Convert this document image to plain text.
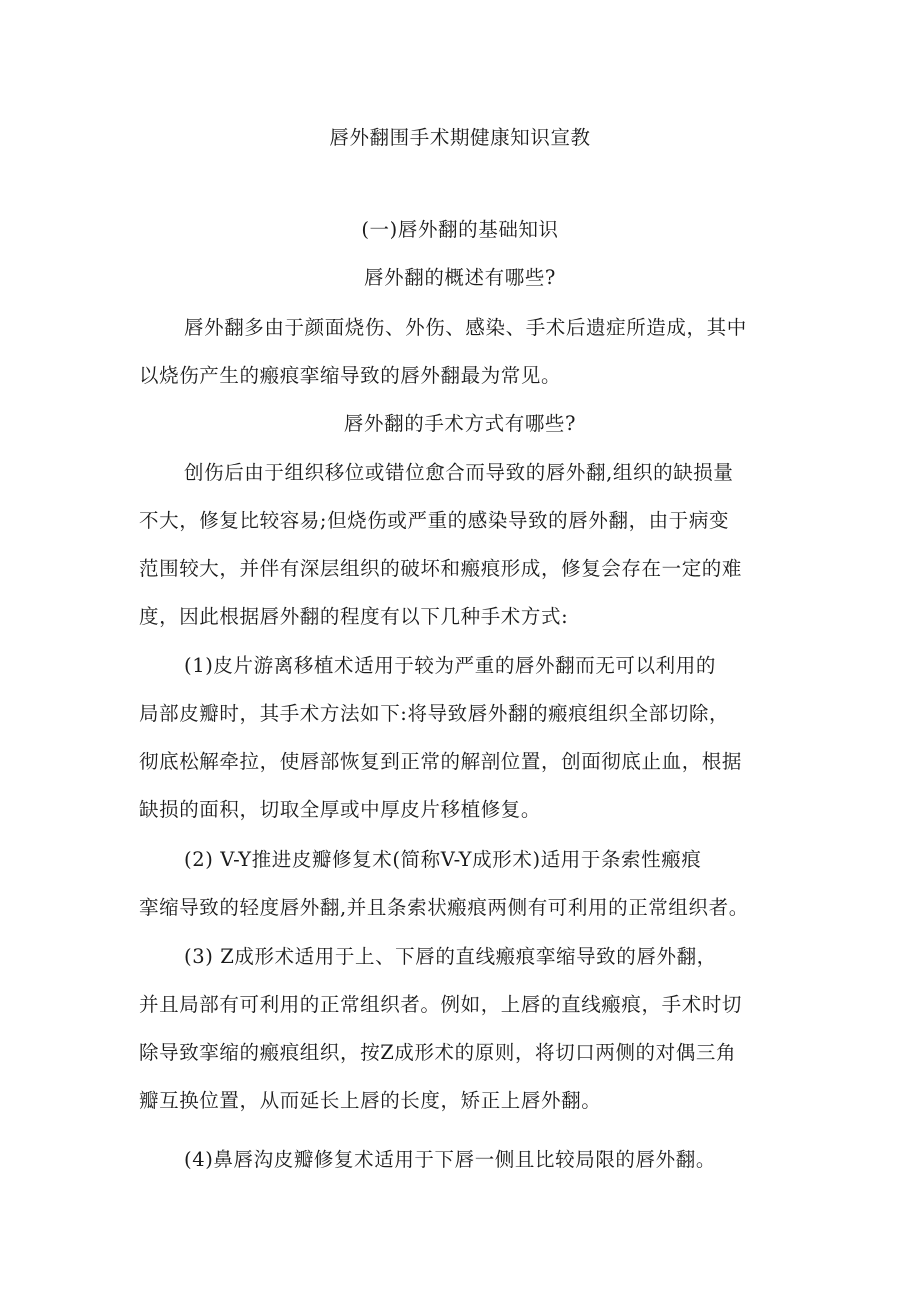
唇外翻围手术期健康知识宣教
(一)唇外翻的基础知识
唇外翻的概述有哪些?
唇外翻多由于颜面烧伤、外伤、感染、手术后遗症所造成，其中
以烧伤产生的瘢痕挛缩导致的唇外翻最为常见。
唇外翻的手术方式有哪些?
创伤后由于组织移位或错位愈合而导致的唇外翻,组织的缺损量
不大，修复比较容易;但烧伤或严重的感染导致的唇外翻，由于病变
范围较大，并伴有深层组织的破坏和瘢痕形成，修复会存在一定的难
度，因此根据唇外翻的程度有以下几种手术方式:
(1)皮片游离移植术适用于较为严重的唇外翻而无可以利用的
局部皮瓣时，其手术方法如下:将导致唇外翻的瘢痕组织全部切除，
彻底松解牵拉，使唇部恢复到正常的解剖位置，创面彻底止血，根据
缺损的面积，切取全厚或中厚皮片移植修复。
(2) V-Y推进皮瓣修复术(简称V-Y成形术)适用于条索性瘢痕
挛缩导致的轻度唇外翻,并且条索状瘢痕两侧有可利用的正常组织者。
(3) Z成形术适用于上、下唇的直线瘢痕挛缩导致的唇外翻，
并且局部有可利用的正常组织者。例如，上唇的直线瘢痕，手术时切
除导致挛缩的瘢痕组织，按Z成形术的原则，将切口两侧的对偶三角
瓣互换位置，从而延长上唇的长度，矫正上唇外翻。
(4)鼻唇沟皮瓣修复术适用于下唇一侧且比较局限的唇外翻。
